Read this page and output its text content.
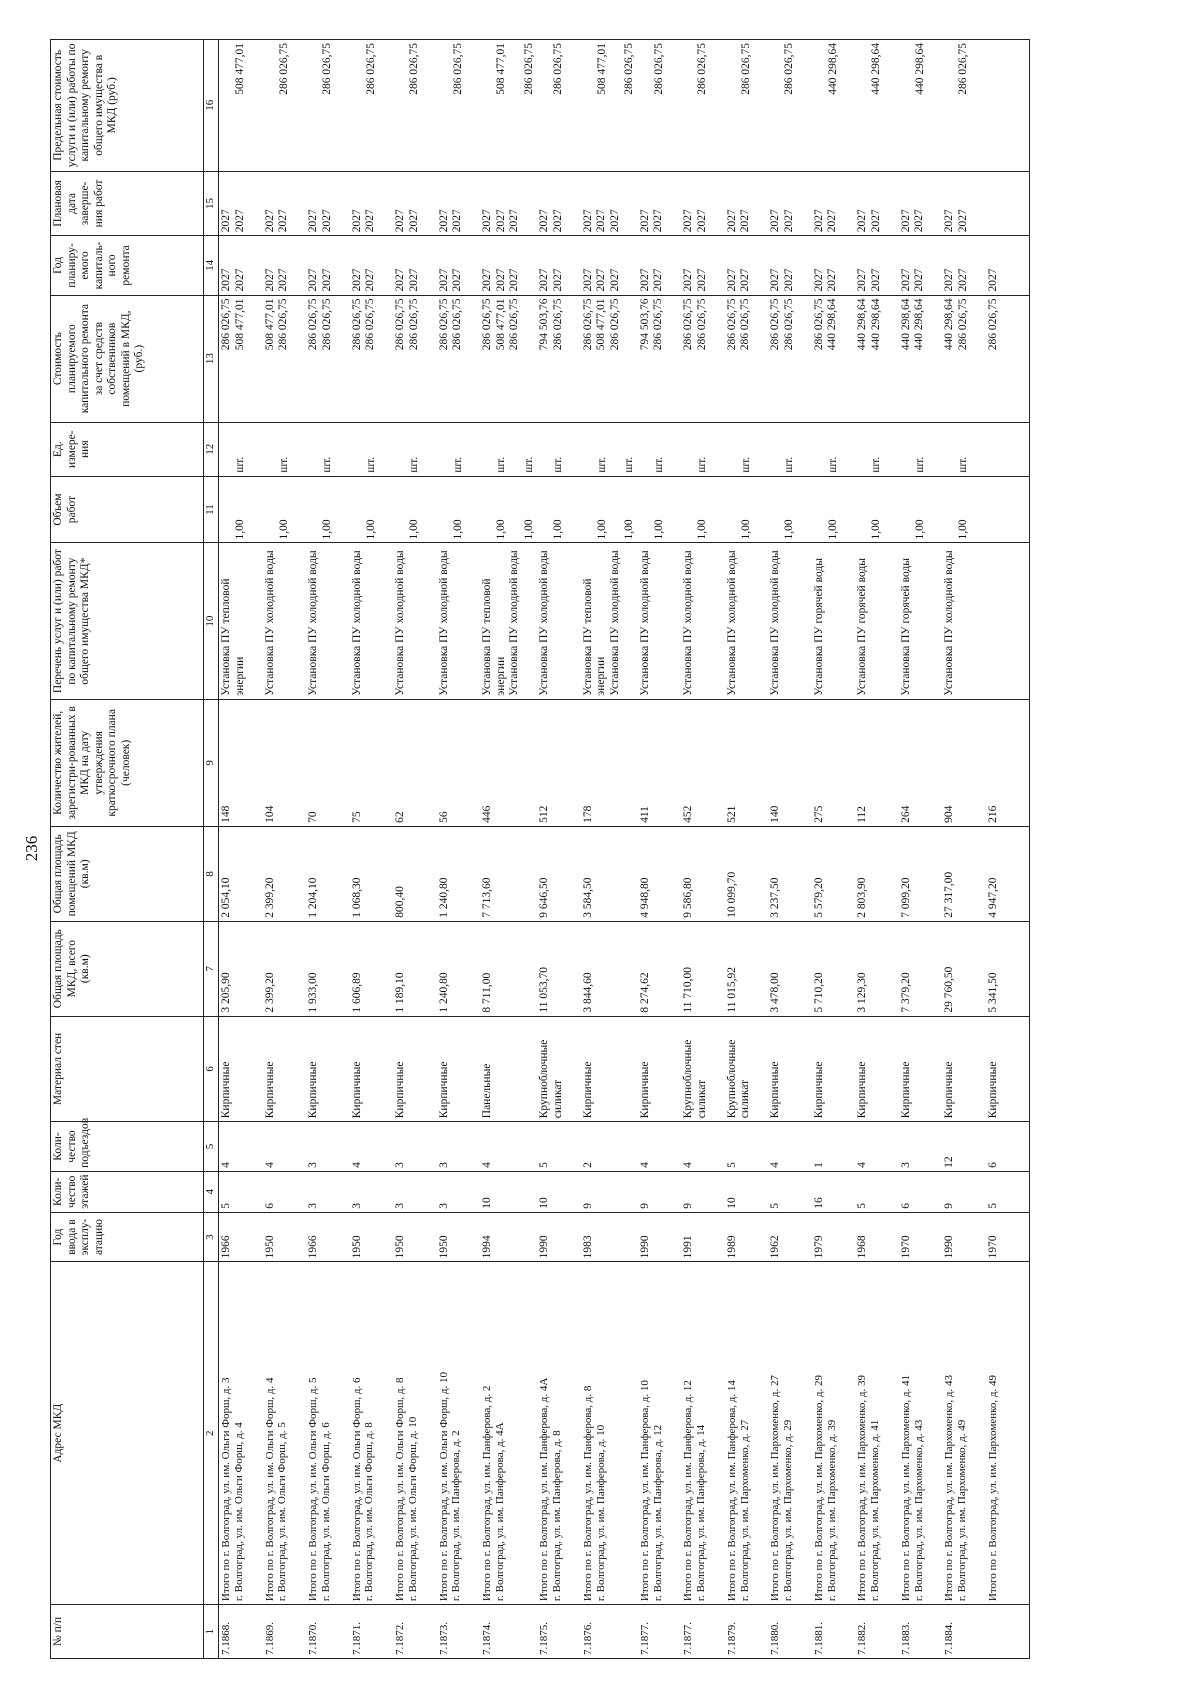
236
№ п/п	Адрес МКД	Год ввода в эксплу-атацию	Коли-чество этажей	Коли-чество подъездов	Материал стен	Общая площадь МКД, всего (кв.м)	Общая площадь помещений МКД (кв.м)	Количество жителей, зарегистри-рованных в МКД на дату утверждения краткосрочного плана (человек)	Перечень услуг и (или) работ по капитальному ремонту общего имущества МКД*	Объем работ	Ед. измере-ния	Стоимость планируемого капитального ремонта за счет средств собственников помещений в МКД, (руб.)	Год планиру-емого капиталь-ного ремонта	Плановая дата заверше-ния работ	Предельная стоимость услуги и (или) работы по капитальному ремонту общего имущества в МКД (руб.)
1	2	3	4	5	6	7	8	9	10	11	12	13	14	15	16

7.1868.	Итого по г. Волгоград, ул. им. Ольги Форш, д. 3 г. Волгоград, ул. им. Ольги Форш, д. 4	1966	5	4	Кирпичные	3 205,90	2 054,10	148	Установка ПУ тепловой энергии	1,00	шт.	286 026,75 508 477,01	2027 2027	2027 2027	508 477,01

7.1869.	Итого по г. Волгоград, ул. им. Ольги Форш, д. 4 г. Волгоград, ул. им. Ольги Форш, д. 5	1950	6	4	Кирпичные	2 399,20	2 399,20	104	Установка ПУ холодной воды	1,00	шт.	508 477,01 286 026,75	2027 2027	2027 2027	286 026,75

7.1870.	Итого по г. Волгоград, ул. им. Ольги Форш, д. 5 г. Волгоград, ул. им. Ольги Форш, д. 6	1966	3	3	Кирпичные	1 933,00	1 204,10	70	Установка ПУ холодной воды	1,00	шт.	286 026,75 286 026,75	2027 2027	2027 2027	286 026,75

7.1871.	Итого по г. Волгоград, ул. им. Ольги Форш, д. 6 г. Волгоград, ул. им. Ольги Форш, д. 8	1950	3	4	Кирпичные	1 606,89	1 068,30	75	Установка ПУ холодной воды	1,00	шт.	286 026,75 286 026,75	2027 2027	2027 2027	286 026,75

7.1872.	Итого по г. Волгоград, ул. им. Ольги Форш, д. 8 г. Волгоград, ул. им. Ольги Форш, д. 10	1950	3	3	Кирпичные	1 189,10	800,40	62	Установка ПУ холодной воды	1,00	шт.	286 026,75 286 026,75	2027 2027	2027 2027	286 026,75

7.1873.	Итого по г. Волгоград, ул. им. Ольги Форш, д. 10 г. Волгоград, ул. им. Панферова, д. 2	1950	3	3	Кирпичные	1 240,80	1 240,80	56	Установка ПУ холодной воды	1,00	шт.	286 026,75 286 026,75	2027 2027	2027 2027	286 026,75

7.1874.	Итого по г. Волгоград, ул. им. Панферова, д. 2 г. Волгоград, ул. им. Панферова, д. 4А	1994	10	4	Панельные	8 711,00	7 713,60	446	Установка ПУ тепловой энергии Установка ПУ холодной воды	1,00 1,00	шт. шт.	286 026,75 508 477,01 286 026,75	2027 2027 2027	2027 2027 2027	508 477,01 286 026,75

7.1875.	Итого по г. Волгоград, ул. им. Панферова, д. 4А г. Волгоград, ул. им. Панферова, д. 8	1990	10	5	Крупноблочные силикат	11 053,70	9 646,50	512	Установка ПУ холодной воды	1,00	шт.	794 503,76 286 026,75	2027 2027	2027 2027	286 026,75

7.1876.	Итого по г. Волгоград, ул. им. Панферова, д. 8 г. Волгоград, ул. им. Панферова, д. 10	1983	9	2	Кирпичные	3 844,60	3 584,50	178	Установка ПУ тепловой энергии Установка ПУ холодной воды	1,00 1,00	шт. шт.	286 026,75 508 477,01 286 026,75	2027 2027 2027	2027 2027 2027	508 477,01 286 026,75

7.1877.	Итого по г. Волгоград, ул. им. Панферова, д. 10 г. Волгоград, ул. им. Панферова, д. 12	1990	9	4	Кирпичные	8 274,62	4 948,80	411	Установка ПУ холодной воды	1,00	шт.	794 503,76 286 026,75	2027 2027	2027 2027	286 026,75

7.1877.	Итого по г. Волгоград, ул. им. Панферова, д. 12 г. Волгоград, ул. им. Панферова, д. 14	1991	9	4	Крупноблочные силикат	11 710,00	9 586,80	452	Установка ПУ холодной воды	1,00	шт.	286 026,75 286 026,75	2027 2027	2027 2027	286 026,75

7.1879.	Итого по г. Волгоград, ул. им. Панферова, д. 14 г. Волгоград, ул. им. Пархоменко, д. 27	1989	10	5	Крупноблочные силикат	11 015,92	10 099,70	521	Установка ПУ холодной воды	1,00	шт.	286 026,75 286 026,75	2027 2027	2027 2027	286 026,75

7.1880.	Итого по г. Волгоград, ул. им. Пархоменко, д. 27 г. Волгоград, ул. им. Пархоменко, д. 29	1962	5	4	Кирпичные	3 478,00	3 237,50	140	Установка ПУ холодной воды	1,00	шт.	286 026,75 286 026,75	2027 2027	2027 2027	286 026,75

7.1881.	Итого по г. Волгоград, ул. им. Пархоменко, д. 29 г. Волгоград, ул. им. Пархоменко, д. 39	1979	16	1	Кирпичные	5 710,20	5 579,20	275	Установка ПУ горячей воды	1,00	шт.	286 026,75 440 298,64	2027 2027	2027 2027	440 298,64

7.1882.	Итого по г. Волгоград, ул. им. Пархоменко, д. 39 г. Волгоград, ул. им. Пархоменко, д. 41	1968	5	4	Кирпичные	3 129,30	2 803,90	112	Установка ПУ горячей воды	1,00	шт.	440 298,64 440 298,64	2027 2027	2027 2027	440 298,64

7.1883.	Итого по г. Волгоград, ул. им. Пархоменко, д. 41 г. Волгоград, ул. им. Пархоменко, д. 43	1970	6	3	Кирпичные	7 379,20	7 099,20	264	Установка ПУ горячей воды	1,00	шт.	440 298,64 440 298,64	2027 2027	2027 2027	440 298,64

7.1884.	Итого по г. Волгоград, ул. им. Пархоменко, д. 43 г. Волгоград, ул. им. Пархоменко, д. 49	1990	9	12	Кирпичные	29 760,50	27 317,00	904	Установка ПУ холодной воды	1,00	шт.	440 298,64 286 026,75	2027 2027	2027 2027	286 026,75

	Итого по г. Волгоград, ул. им. Пархоменко, д. 49	1970	5	6	Кирпичные	5 341,50	4 947,20	216				286 026,75	2027		
